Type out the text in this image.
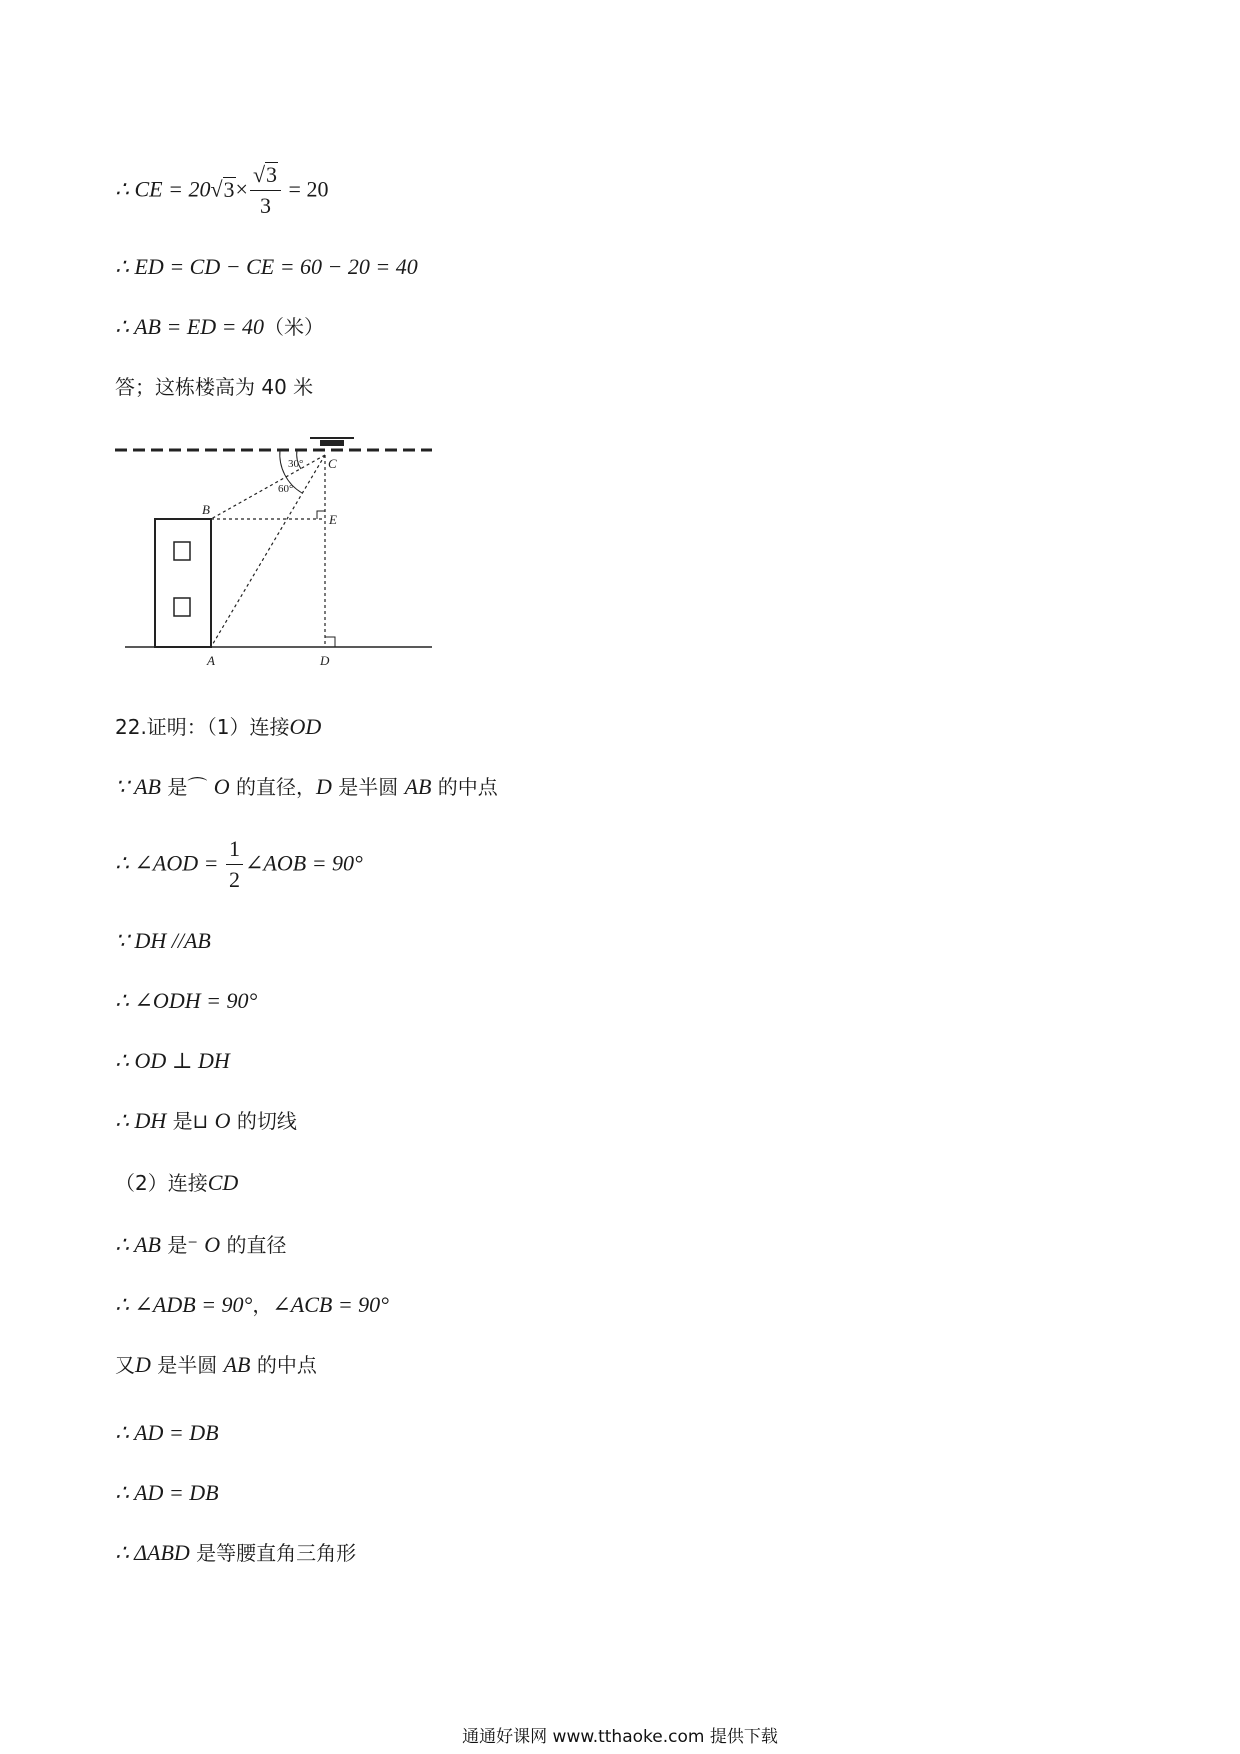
∴ CE = $20√3\times \frac{√3}{3} = 20$
∴ ED = CD − CE = 60 − 20 = 40
∴ AB = ED = 40（米）
答；这栋楼高为 40 米
30°
60°
C
B
E
A	D
22.证明：（1）连接OD
∵ AB 是⌒ O 的直径，D 是半圆 AB 的中点
∴ ∠AOD = $\frac{1}{2}$ ∠AOB = 90°
∵ DH //AB
∴ ∠ODH = 90°
∴ OD ⊥ DH
∴ DH 是⊔ O 的切线
（2）连接CD
∴ AB 是⁻ O 的直径
∴ ∠ADB = 90°，∠ACB = 90°
又D 是半圆 AB 的中点
∴ AD = DB
∴ AD = DB
∴ ΔABD 是等腰直角三角形
通通好课网 www.tthaoke.com 提供下载
